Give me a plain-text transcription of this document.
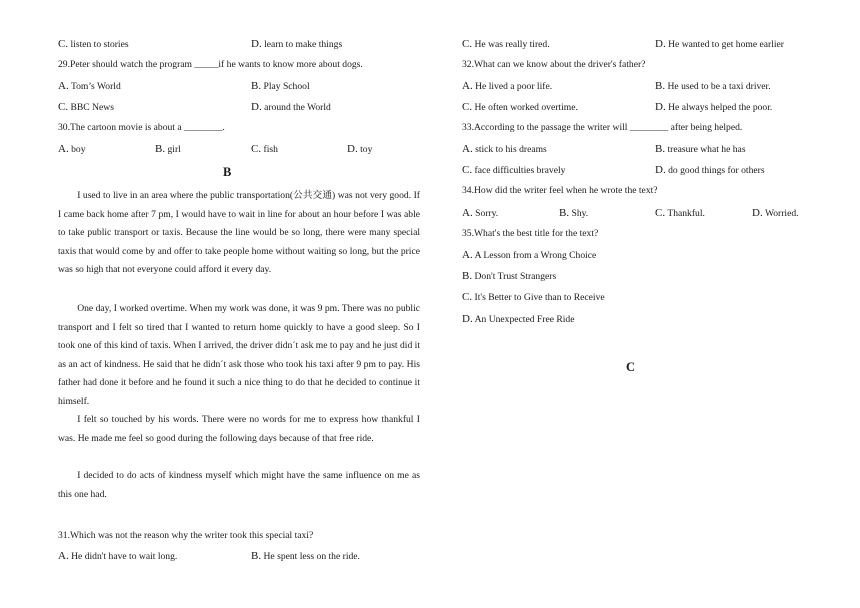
C. listen to stories	D. learn to make things
29.Peter should watch the program _____if he wants to know more about dogs.
A. Tom’s World	B. Play School
C. BBC News	D. around the World
30.The cartoon movie is about a ________.
A. boy	B. girl	C. fish	D. toy
B

I used to live in an area where the public transportation(公共交通) was not very good. If I came back home after 7 pm, I would have to wait in line for about an hour before I was able to take public transport or taxis. Because the line would be so long, there were many special taxis that would come by and offer to take people home without waiting so long, but the price was so high that not everyone could afford it every day.

One day, I worked overtime. When my work was done, it was 9 pm. There was no public transport and I felt so tired that I wanted to return home quickly to have a good sleep. So I took one of this kind of taxis. When I arrived, the driver didn´t ask me to pay and he just did it as an act of kindness. He said that he didn´t ask those who took his taxi after 9 pm to pay. His father had done it before and he found it such a nice thing to do that he decided to continue it himself.

I felt so touched by his words. There were no words for me to express how thankful I was. He made me feel so good during the following days because of that free ride.

I decided to do acts of kindness myself which might have the same influence on me as this one had.

31.Which was not the reason why the writer took this special taxi?
A. He didn't have to wait long.	B. He spent less on the ride.
C. He was really tired.	D. He wanted to get home earlier
32.What can we know about the driver's father?
A. He lived a poor life.	B. He used to be a taxi driver.
C. He often worked overtime.	D. He always helped the poor.
33.According to the passage the writer will ________ after being helped.
A. stick to his dreams	B. treasure what he has
C. face difficulties bravely	D. do good things for others
34.How did the writer feel when he wrote the text?
A. Sorry.	B. Shy.	C. Thankful.	D. Worried.
35.What's the best title for the text?
A. A Lesson from a Wrong Choice
B. Don't Trust Strangers
C. It's Better to Give than to Receive
D. An Unexpected Free Ride
C
